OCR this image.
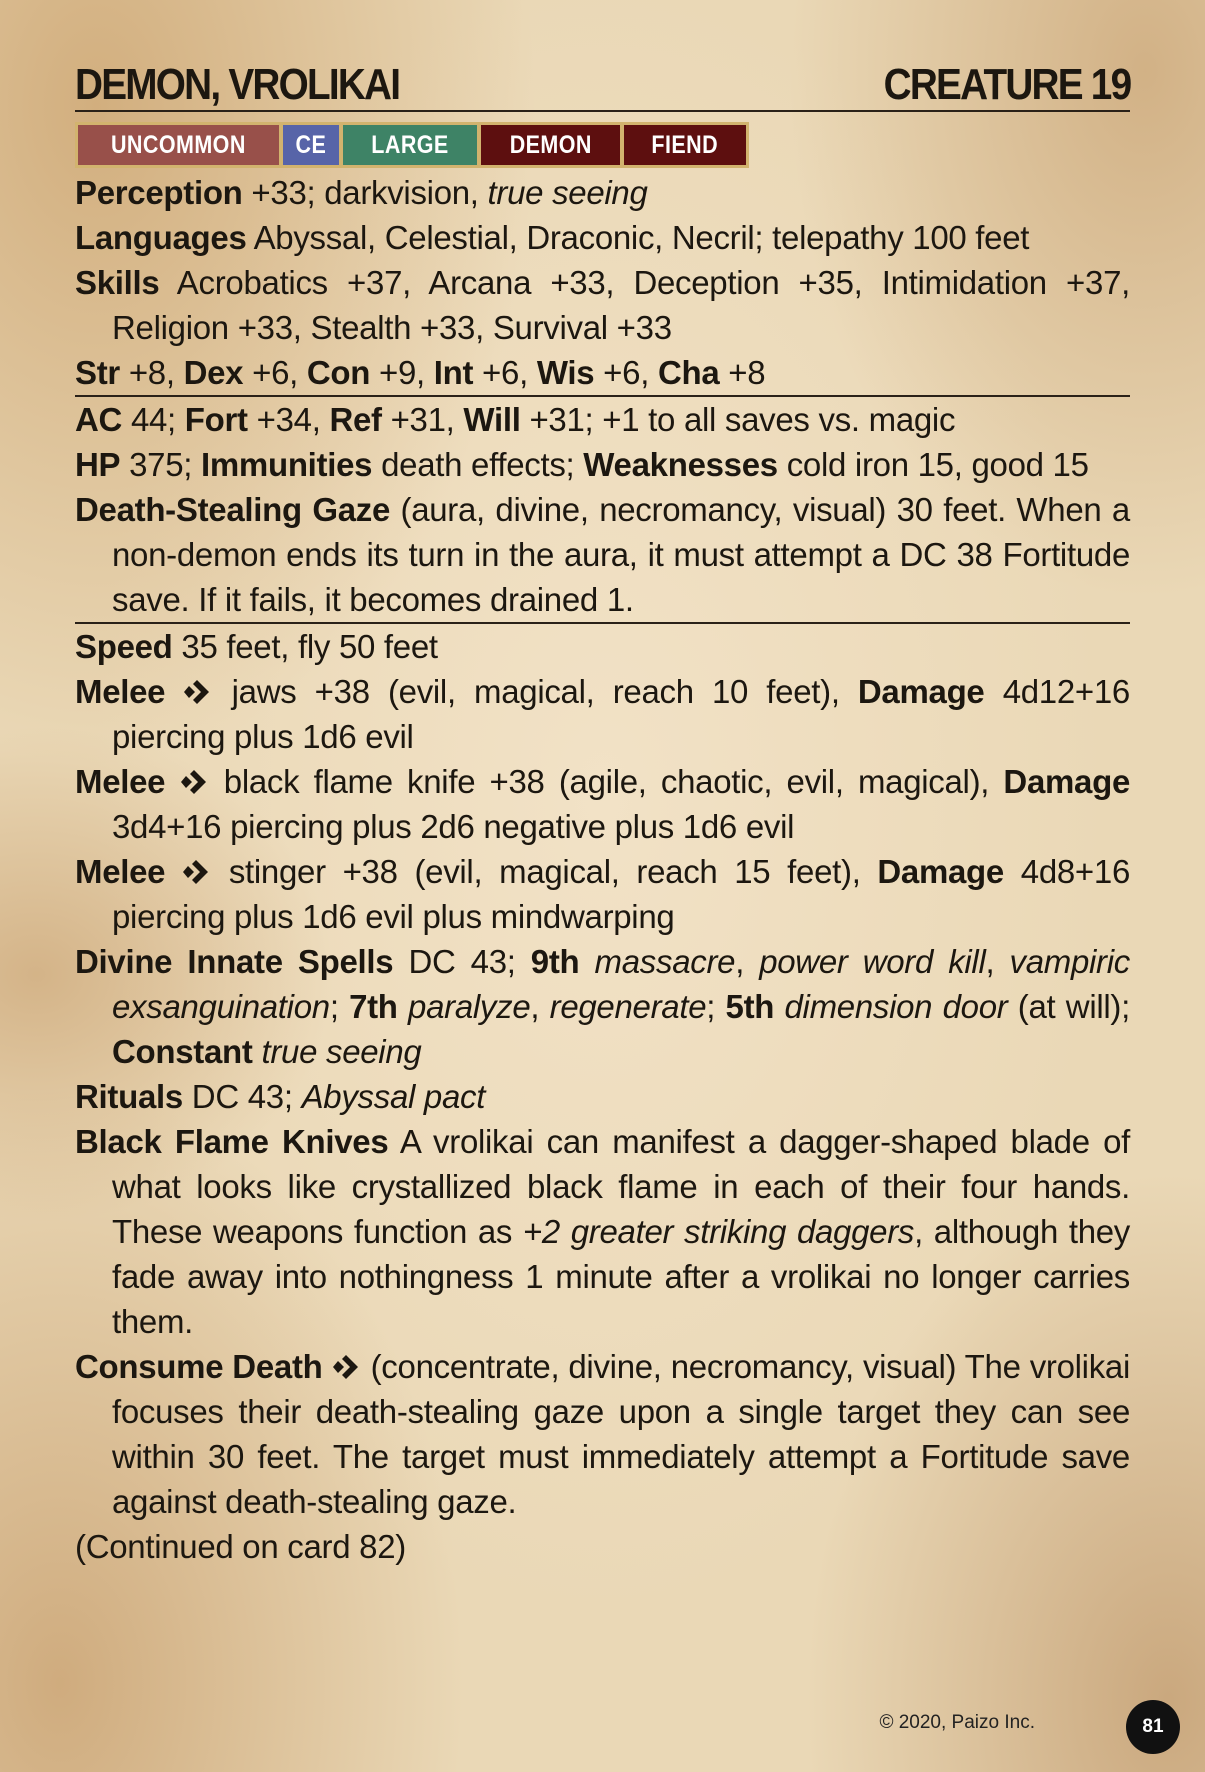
DEMON, VROLIKAI	CREATURE 19
UNCOMMON	CE	LARGE	DEMON	FIEND
Perception +33; darkvision, true seeing
Languages Abyssal, Celestial, Draconic, Necril; telepathy 100 feet
Skills Acrobatics +37, Arcana +33, Deception +35, Intimidation +37, Religion +33, Stealth +33, Survival +33
Str +8, Dex +6, Con +9, Int +6, Wis +6, Cha +8
AC 44; Fort +34, Ref +31, Will +31; +1 to all saves vs. magic
HP 375; Immunities death effects; Weaknesses cold iron 15, good 15
Death-Stealing Gaze (aura, divine, necromancy, visual) 30 feet. When a non-demon ends its turn in the aura, it must attempt a DC 38 Fortitude save. If it fails, it becomes drained 1.
Speed 35 feet, fly 50 feet
Melee  jaws +38 (evil, magical, reach 10 feet), Damage 4d12+16 piercing plus 1d6 evil
Melee  black flame knife +38 (agile, chaotic, evil, magical), Damage 3d4+16 piercing plus 2d6 negative plus 1d6 evil
Melee  stinger +38 (evil, magical, reach 15 feet), Damage 4d8+16 piercing plus 1d6 evil plus mindwarping
Divine Innate Spells DC 43; 9th massacre, power word kill, vampiric exsanguination; 7th paralyze, regenerate; 5th dimension door (at will); Constant true seeing
Rituals DC 43; Abyssal pact
Black Flame Knives A vrolikai can manifest a dagger-shaped blade of what looks like crystallized black flame in each of their four hands. These weapons function as +2 greater striking daggers, although they fade away into nothingness 1 minute after a vrolikai no longer carries them.
Consume Death  (concentrate, divine, necromancy, visual) The vrolikai focuses their death-stealing gaze upon a single target they can see within 30 feet. The target must immediately attempt a Fortitude save against death-stealing gaze.
(Continued on card 82)
© 2020, Paizo Inc.	81
